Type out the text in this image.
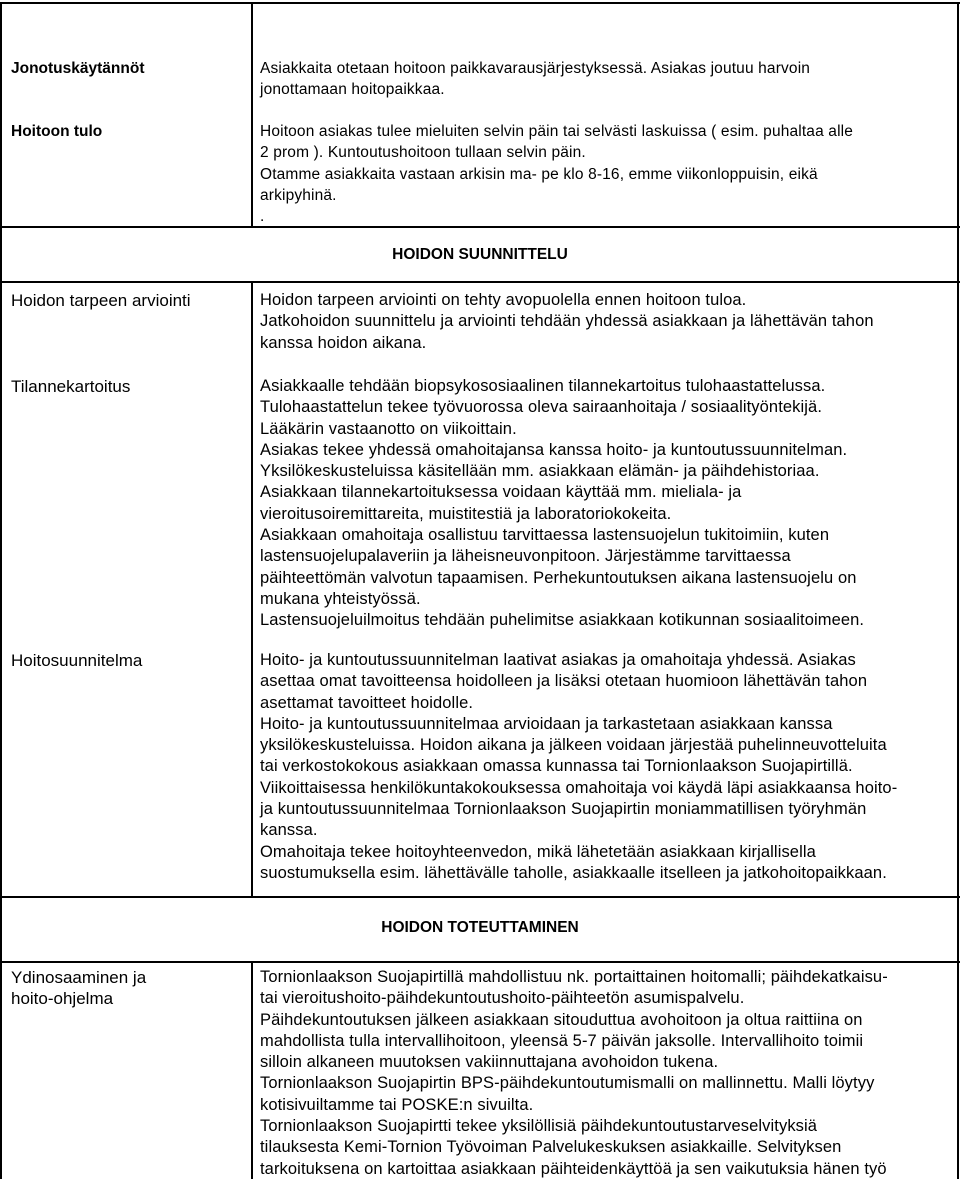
Jonotuskäytännöt	Asiakkaita otetaan hoitoon paikkavarausjärjestyksessä. Asiakas joutuu harvoin
jonottamaan hoitopaikkaa.
Hoitoon tulo	Hoitoon asiakas tulee mieluiten selvin päin tai selvästi laskuissa ( esim. puhaltaa alle
2 prom ). Kuntoutushoitoon tullaan selvin päin.
Otamme asiakkaita vastaan arkisin ma- pe klo 8-16, emme viikonloppuisin, eikä
arkipyhinä.
.
HOIDON SUUNNITTELU
Hoidon tarpeen arviointi	Hoidon tarpeen arviointi on tehty avopuolella ennen hoitoon tuloa.
Jatkohoidon suunnittelu ja arviointi tehdään yhdessä asiakkaan ja lähettävän tahon
kanssa hoidon aikana.
Tilannekartoitus	Asiakkaalle tehdään biopsykososiaalinen tilannekartoitus tulohaastattelussa.
Tulohaastattelun tekee työvuorossa oleva sairaanhoitaja / sosiaalityöntekijä.
Lääkärin vastaanotto on viikoittain.
Asiakas tekee yhdessä omahoitajansa kanssa hoito- ja kuntoutussuunnitelman.
Yksilökeskusteluissa käsitellään mm. asiakkaan elämän- ja päihdehistoriaa.
Asiakkaan tilannekartoituksessa voidaan käyttää mm. mieliala- ja
vieroitusoiremittareita, muistitestiä ja laboratoriokokeita.
Asiakkaan omahoitaja osallistuu tarvittaessa lastensuojelun tukitoimiin, kuten
lastensuojelupalaveriin ja läheisneuvonpitoon. Järjestämme tarvittaessa
päihteettömän valvotun tapaamisen. Perhekuntoutuksen aikana lastensuojelu on
mukana yhteistyössä.
Lastensuojeluilmoitus tehdään puhelimitse asiakkaan kotikunnan sosiaalitoimeen.
Hoitosuunnitelma	Hoito- ja kuntoutussuunnitelman laativat asiakas ja omahoitaja yhdessä. Asiakas
asettaa omat tavoitteensa hoidolleen ja lisäksi otetaan huomioon lähettävän tahon
asettamat tavoitteet hoidolle.
Hoito- ja kuntoutussuunnitelmaa arvioidaan ja tarkastetaan asiakkaan kanssa
yksilökeskusteluissa. Hoidon aikana ja jälkeen voidaan järjestää puhelinneuvotteluita
tai verkostokokous asiakkaan omassa kunnassa tai Tornionlaakson Suojapirtillä.
Viikoittaisessa henkilökuntakokouksessa omahoitaja voi käydä läpi asiakkaansa hoito-
ja kuntoutussuunnitelmaa Tornionlaakson Suojapirtin moniammatillisen työryhmän
kanssa.
Omahoitaja tekee hoitoyhteenvedon, mikä lähetetään asiakkaan kirjallisella
suostumuksella esim. lähettävälle taholle, asiakkaalle itselleen ja jatkohoitopaikkaan.
HOIDON TOTEUTTAMINEN
Ydinosaaminen ja
hoito-ohjelma
Tornionlaakson Suojapirtillä mahdollistuu nk. portaittainen hoitomalli; päihdekatkaisu-
tai vieroitushoito-päihdekuntoutushoito-päihteetön asumispalvelu.
Päihdekuntoutuksen jälkeen asiakkaan sitouduttua avohoitoon ja oltua raittiina on
mahdollista tulla intervallihoitoon, yleensä 5-7 päivän jaksolle. Intervallihoito toimii
silloin alkaneen muutoksen vakiinnuttajana avohoidon tukena.
Tornionlaakson Suojapirtin BPS-päihdekuntoutumismalli on mallinnettu. Malli löytyy
kotisivuiltamme tai POSKE:n sivuilta.
Tornionlaakson Suojapirtti tekee yksilöllisiä päihdekuntoutustarveselvityksiä
tilauksesta Kemi-Tornion Työvoiman Palvelukeskuksen asiakkaille. Selvityksen
tarkoituksena on kartoittaa asiakkaan päihteidenkäyttöä ja sen vaikutuksia hänen työ
